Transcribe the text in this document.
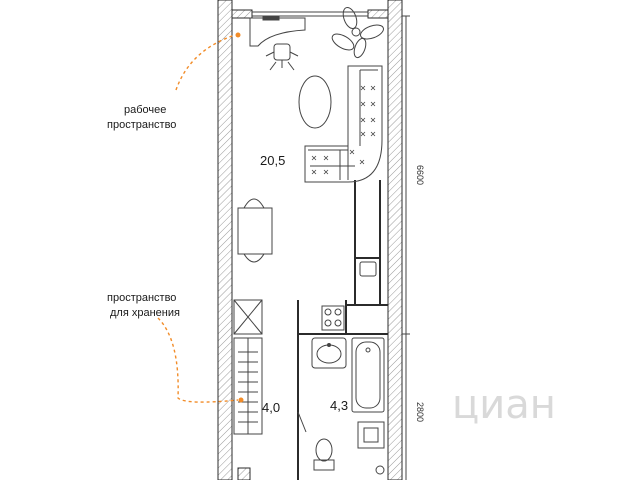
циан
6600
2800
20,5
4,0	4,3
рабочее
пространство
пространство
для хранения
